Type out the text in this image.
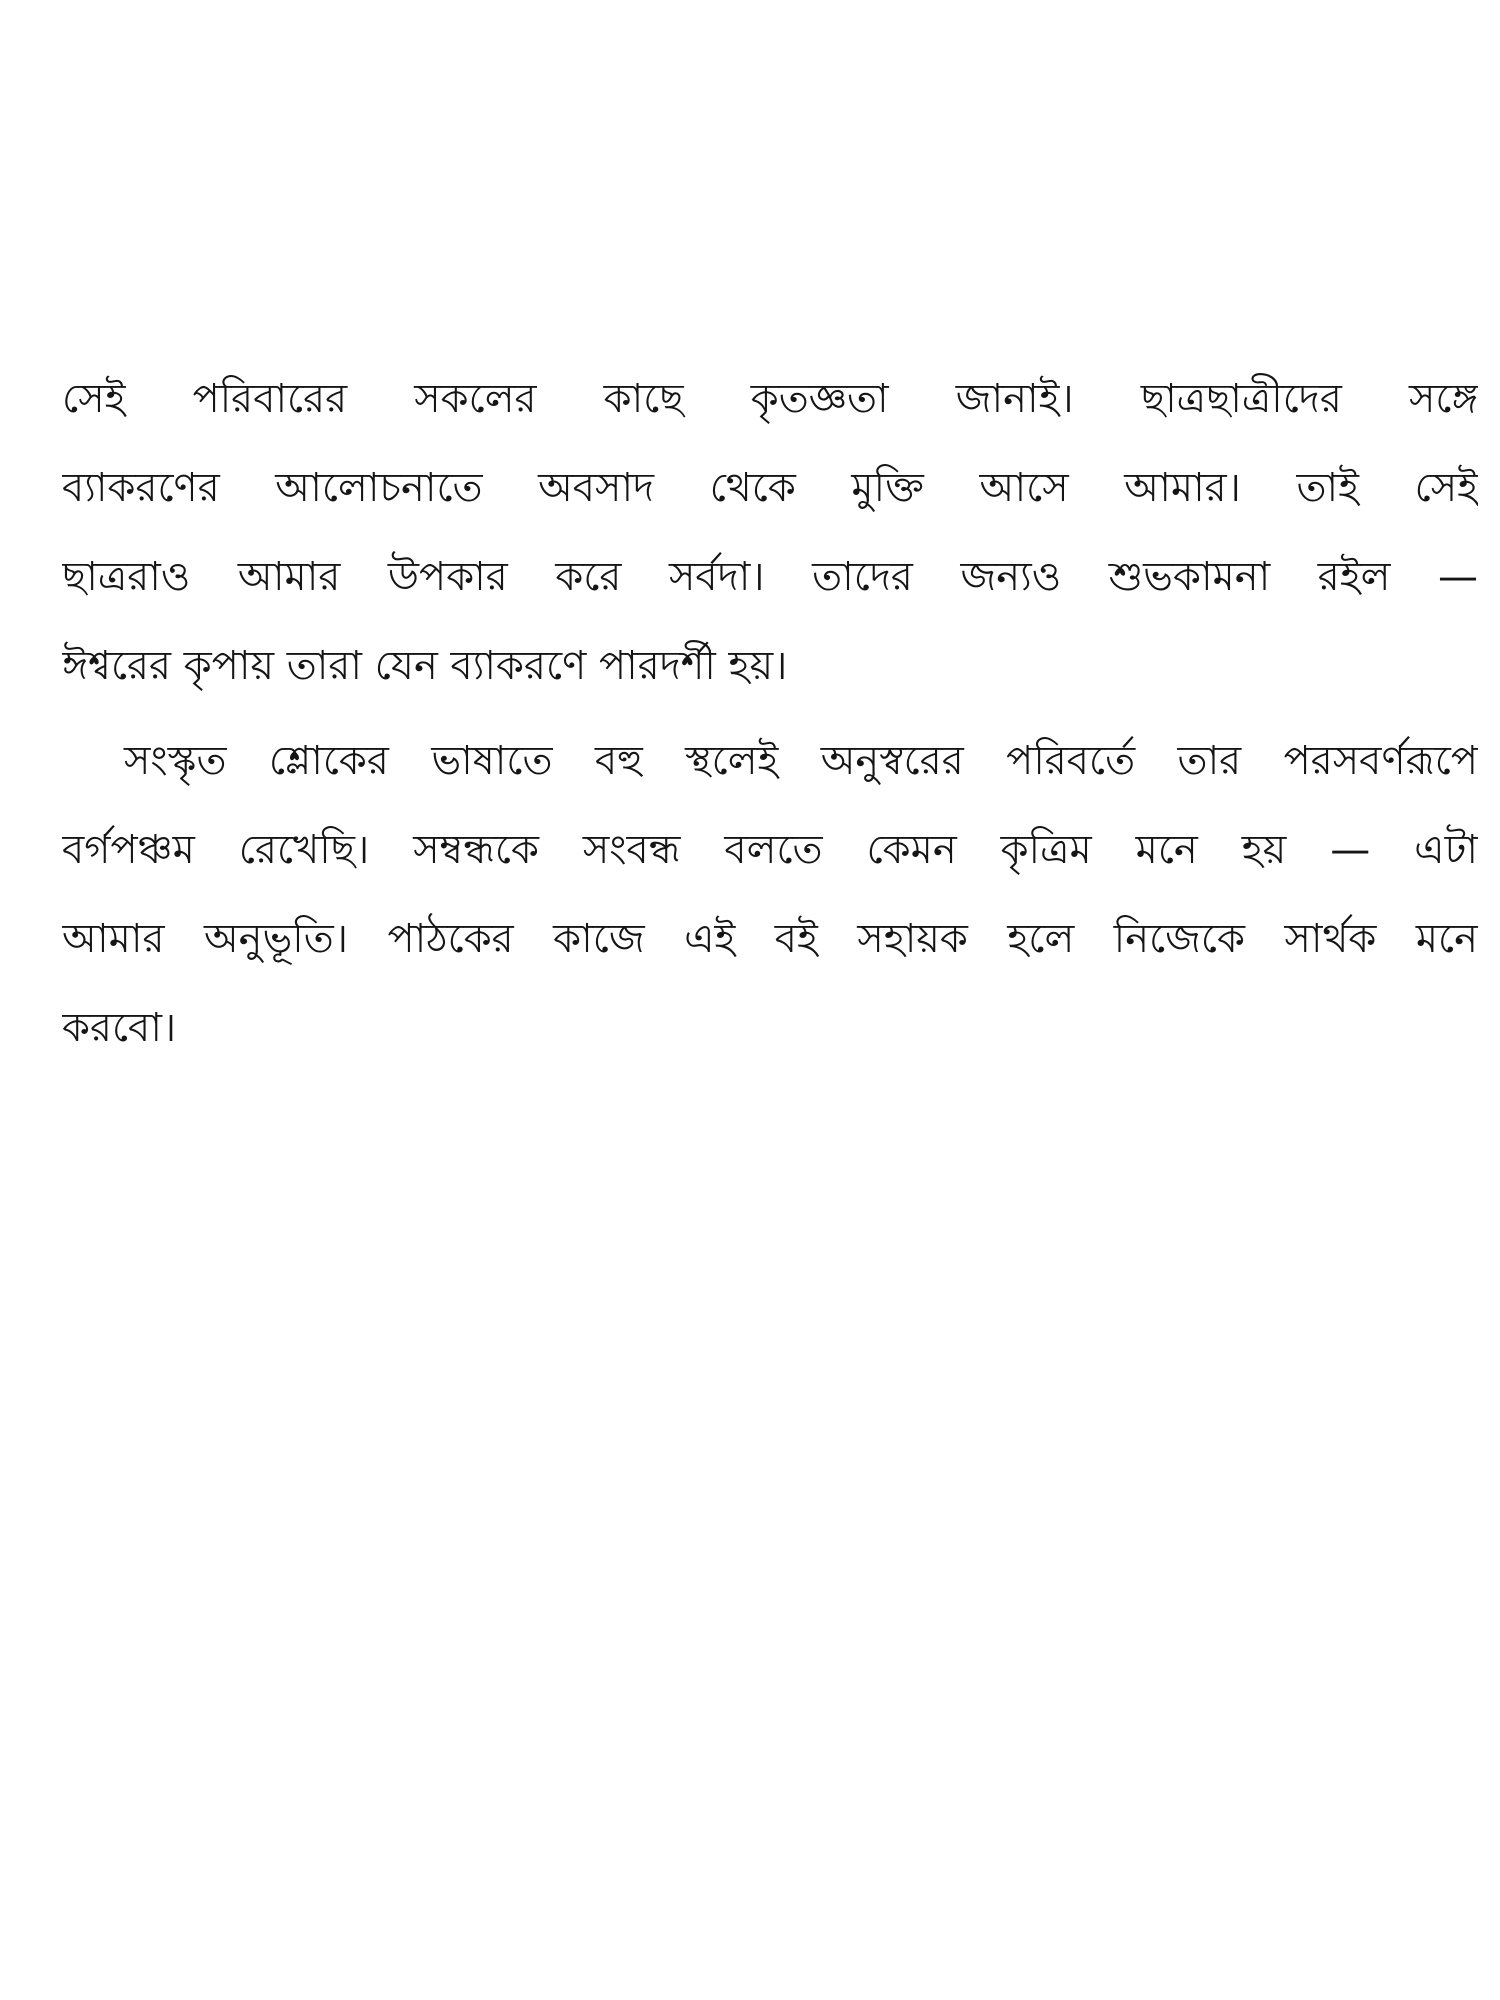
সেই পরিবারের সকলের কাছে কৃতজ্ঞতা জানাই। ছাত্রছাত্রীদের সঙ্গে
ব্যাকরণের আলোচনাতে অবসাদ থেকে মুক্তি আসে আমার। তাই সেই
ছাত্ররাও আমার উপকার করে সর্বদা। তাদের জন্যও শুভকামনা রইল —
ঈশ্বরের কৃপায় তারা যেন ব্যাকরণে পারদর্শী হয়।
সংস্কৃত শ্লোকের ভাষাতে বহু স্থলেই অনুস্বরের পরিবর্তে তার পরসবর্ণরূপে
বর্গপঞ্চম রেখেছি। সম্বন্ধকে সংবন্ধ বলতে কেমন কৃত্রিম মনে হয় — এটা
আমার অনুভূতি। পাঠকের কাজে এই বই সহায়ক হলে নিজেকে সার্থক মনে
করবো।
